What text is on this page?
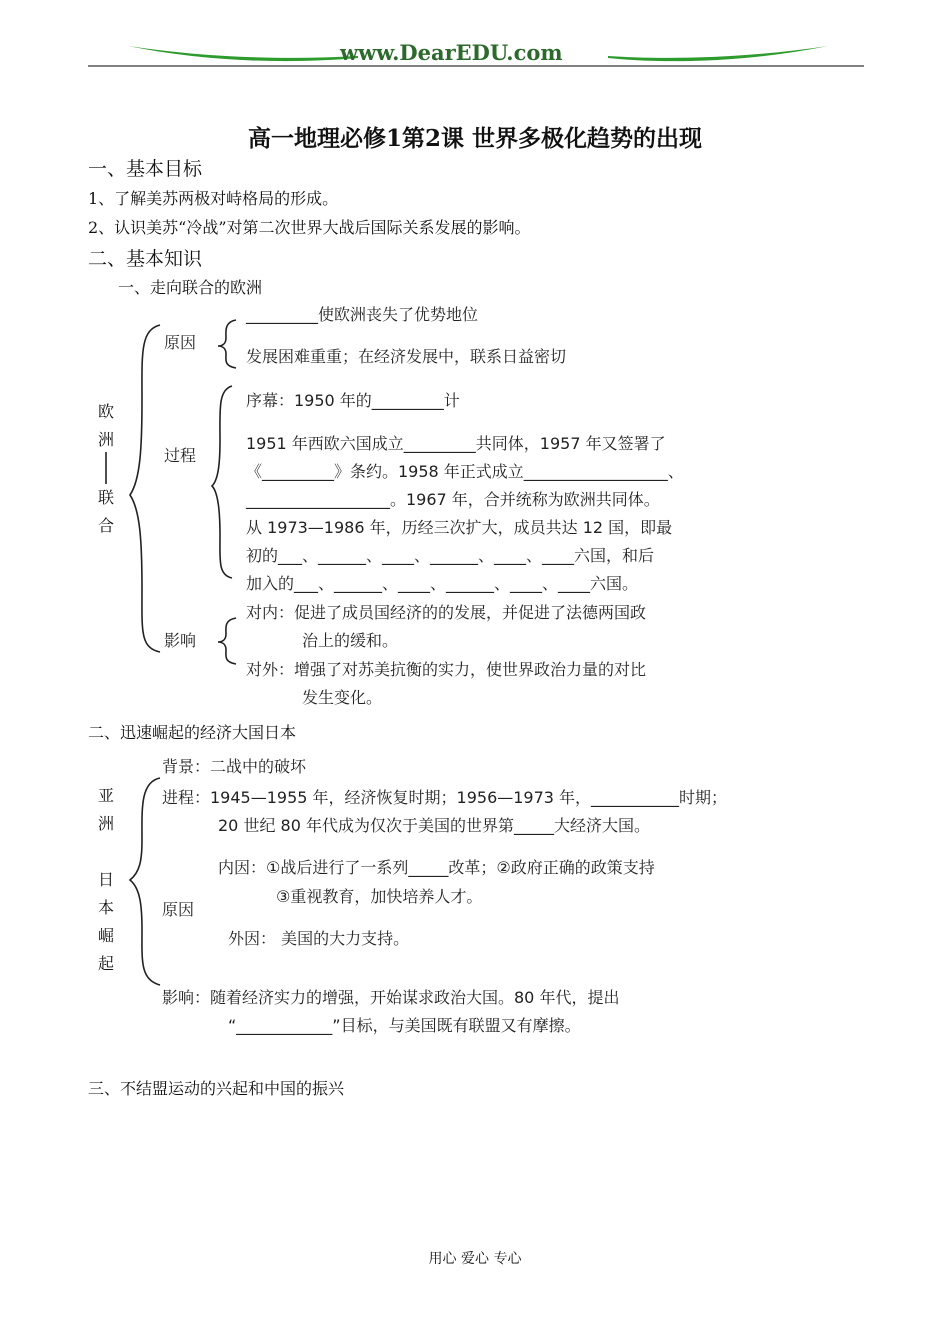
www.DearEDU.com
高一地理必修1第2课 世界多极化趋势的出现
一、基本目标
1、了解美苏两极对峙格局的形成。
2、认识美苏“冷战”对第二次世界大战后国际关系发展的影响。
二、基本知识
一、走向联合的欧洲
欧洲
联合
原因
过程
影响
_________使欧洲丧失了优势地位
发展困难重重；在经济发展中，联系日益密切
序幕：1950 年的_________计
1951 年西欧六国成立_________共同体，1957 年又签署了
《_________》条约。1958 年正式成立__________________、
__________________。1967 年，合并统称为欧洲共同体。
从 1973—1986 年，历经三次扩大，成员共达 12 国，即最
初的___、______、____、______、____、____六国，和后
加入的___、______、____、______、____、____六国。
对内：促进了成员国经济的的发展，并促进了法德两国政
治上的缓和。
对外：增强了对苏美抗衡的实力，使世界政治力量的对比
发生变化。
二、迅速崛起的经济大国日本
亚洲
日本崛起
背景：二战中的破坏
进程：1945—1955 年，经济恢复时期；1956—1973 年，___________时期；
20 世纪 80 年代成为仅次于美国的世界第_____大经济大国。
原因
内因：①战后进行了一系列_____改革；②政府正确的政策支持
③重视教育，加快培养人才。
外因： 美国的大力支持。
影响：随着经济实力的增强，开始谋求政治大国。80 年代，提出
“____________”目标，与美国既有联盟又有摩擦。
三、不结盟运动的兴起和中国的振兴
用心 爱心 专心
